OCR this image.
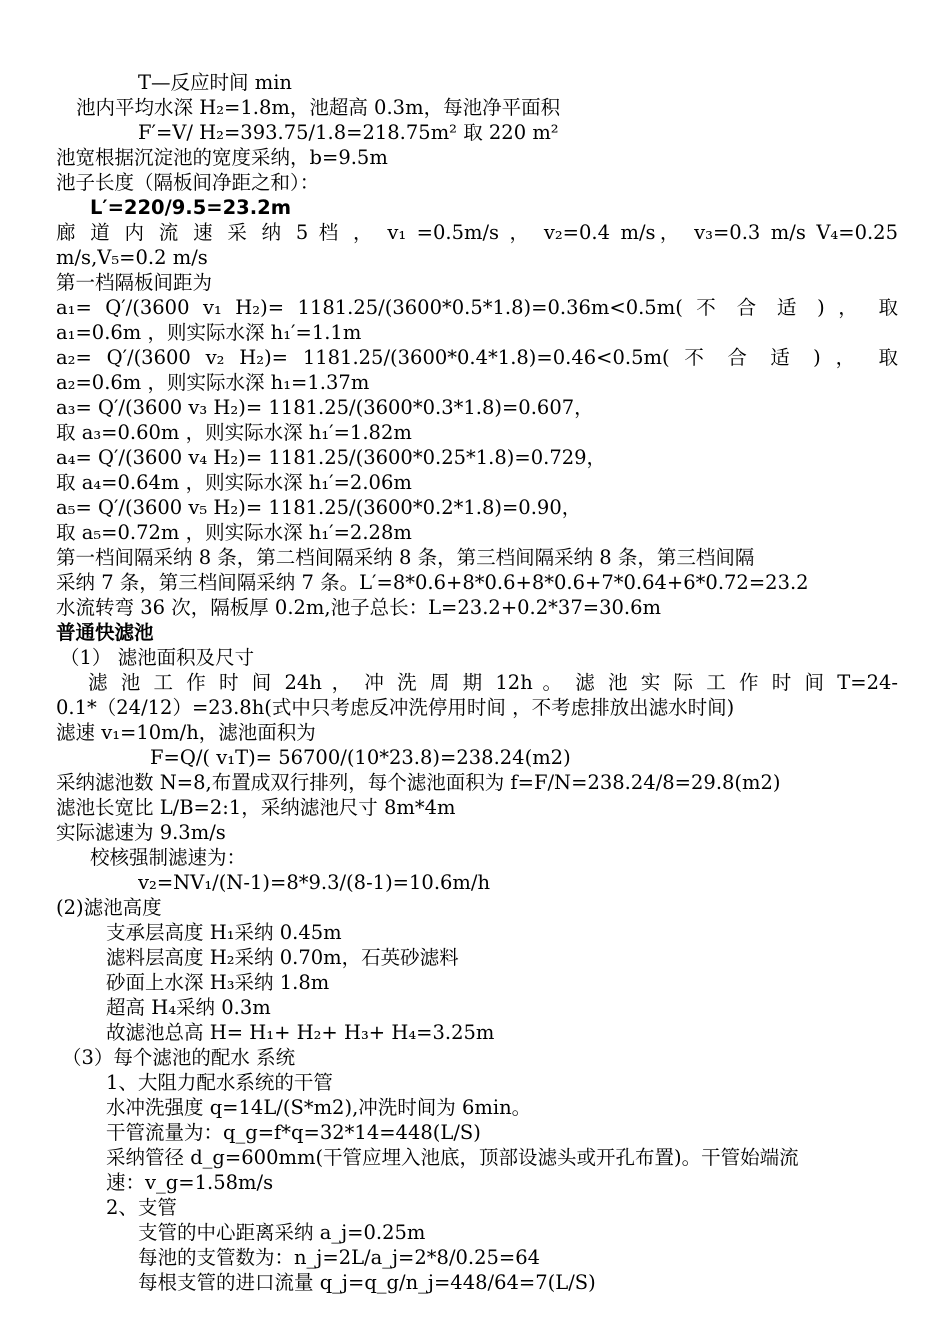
T—反应时间 min
池内平均水深 H₂=1.8m，池超高 0.3m，每池净平面积
F′=V/ H₂=393.75/1.8=218.75m² 取 220 m²
池宽根据沉淀池的宽度采纳，b=9.5m
池子长度（隔板间净距之和）：
L′=220/9.5=23.2m
廊 道 内 流 速 采 纳 5 档 ， v₁ =0.5m/s ， v₂=0.4 m/s， v₃=0.3 m/s V₄=0.25
m/s,V₅=0.2 m/s
第一档隔板间距为
a₁= Q′/(3600 v₁ H₂)= 1181.25/(3600*0.5*1.8)=0.36m<0.5m( 不 合 适 ) ， 取
a₁=0.6m ，则实际水深 h₁′=1.1m
a₂= Q′/(3600 v₂ H₂)= 1181.25/(3600*0.4*1.8)=0.46<0.5m( 不 合 适 ) ， 取
a₂=0.6m ，则实际水深 h₁=1.37m
a₃= Q′/(3600 v₃ H₂)= 1181.25/(3600*0.3*1.8)=0.607，
取 a₃=0.60m ，则实际水深 h₁′=1.82m
a₄= Q′/(3600 v₄ H₂)= 1181.25/(3600*0.25*1.8)=0.729，
取 a₄=0.64m ，则实际水深 h₁′=2.06m
a₅= Q′/(3600 v₅ H₂)= 1181.25/(3600*0.2*1.8)=0.90，
取 a₅=0.72m ，则实际水深 h₁′=2.28m
第一档间隔采纳 8 条，第二档间隔采纳 8 条，第三档间隔采纳 8 条，第三档间隔
采纳 7 条，第三档间隔采纳 7 条。L′=8*0.6+8*0.6+8*0.6+7*0.64+6*0.72=23.2
水流转弯 36 次，隔板厚 0.2m,池子总长：L=23.2+0.2*37=30.6m
普通快滤池
（1） 滤池面积及尺寸
滤 池 工 作 时 间 24h ， 冲 洗 周 期 12h 。 滤 池 实 际 工 作 时 间 T=24-
0.1*（24/12）=23.8h(式中只考虑反冲洗停用时间 ，不考虑排放出滤水时间)
滤速 v₁=10m/h，滤池面积为
F=Q/( v₁T)= 56700/(10*23.8)=238.24(m2)
采纳滤池数 N=8,布置成双行排列，每个滤池面积为 f=F/N=238.24/8=29.8(m2)
滤池长宽比 L/B=2:1，采纳滤池尺寸 8m*4m
实际滤速为 9.3m/s
校核强制滤速为：
v₂=NV₁/(N-1)=8*9.3/(8-1)=10.6m/h
(2)滤池高度
支承层高度 H₁采纳 0.45m
滤料层高度 H₂采纳 0.70m，石英砂滤料
砂面上水深 H₃采纳 1.8m
超高 H₄采纳 0.3m
故滤池总高 H= H₁+ H₂+ H₃+ H₄=3.25m
（3）每个滤池的配水 系统
1、大阻力配水系统的干管
水冲洗强度 q=14L/(S*m2),冲洗时间为 6min。
干管流量为：q_g=f*q=32*14=448(L/S)
采纳管径 d_g=600mm(干管应埋入池底，顶部设滤头或开孔布置)。干管始端流
速：v_g=1.58m/s
2、支管
支管的中心距离采纳 a_j=0.25m
每池的支管数为：n_j=2L/a_j=2*8/0.25=64
每根支管的进口流量 q_j=q_g/n_j=448/64=7(L/S)
